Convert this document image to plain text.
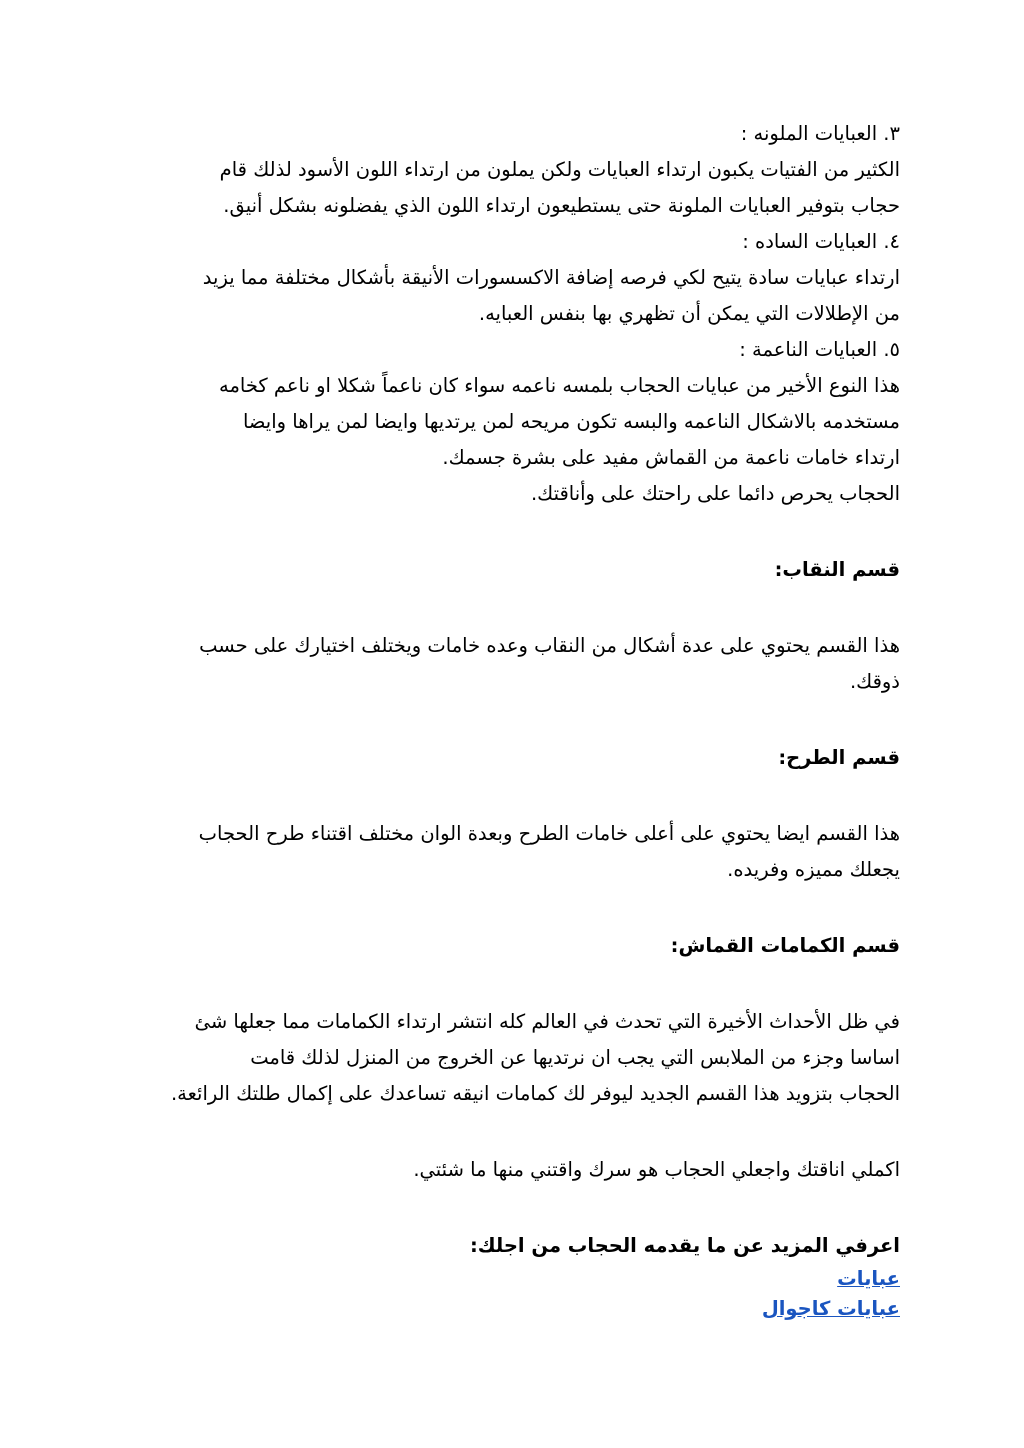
٣. العبايات الملونه :

الكثير من الفتيات يكبون ارتداء العبايات ولكن يملون من ارتداء اللون الأسود لذلك قام

حجاب بتوفير العبايات الملونة حتى يستطيعون ارتداء اللون الذي يفضلونه بشكل أنيق.

٤. العبايات الساده :

ارتداء عبايات سادة يتيح لكي فرصه إضافة الاكسسورات الأنيقة بأشكال مختلفة مما يزيد

من الإطلالات التي يمكن أن تظهري بها بنفس العبايه.

٥. العبايات الناعمة :

هذا النوع الأخير من عبايات الحجاب بلمسه ناعمه سواء كان ناعماً شكلا او ناعم كخامه

مستخدمه بالاشكال الناعمه والبسه تكون مريحه لمن يرتديها وايضا لمن يراها وايضا

ارتداء خامات ناعمة من القماش مفيد على بشرة جسمك.

الحجاب يحرص دائما على راحتك على وأناقتك.

قسم النقاب:

هذا القسم يحتوي على عدة أشكال من النقاب وعده خامات ويختلف اختيارك على حسب

ذوقك.

قسم الطرح:

هذا القسم ايضا يحتوي على أعلى خامات الطرح وبعدة الوان مختلف اقتناء طرح الحجاب

يجعلك مميزه وفريده.

قسم الكمامات القماش:

في ظل الأحداث الأخيرة التي تحدث في العالم كله انتشر ارتداء الكمامات مما جعلها شئ

اساسا وجزء من الملابس التي يجب ان نرتديها عن الخروج من المنزل لذلك قامت

الحجاب بتزويد هذا القسم الجديد ليوفر لك كمامات انيقه تساعدك على إكمال طلتك الرائعة.

اكملي اناقتك واجعلي الحجاب هو سرك واقتني منها ما شئتي.

اعرفي المزيد عن ما يقدمه الحجاب من اجلك:

عبايات
عبايات كاجوال
